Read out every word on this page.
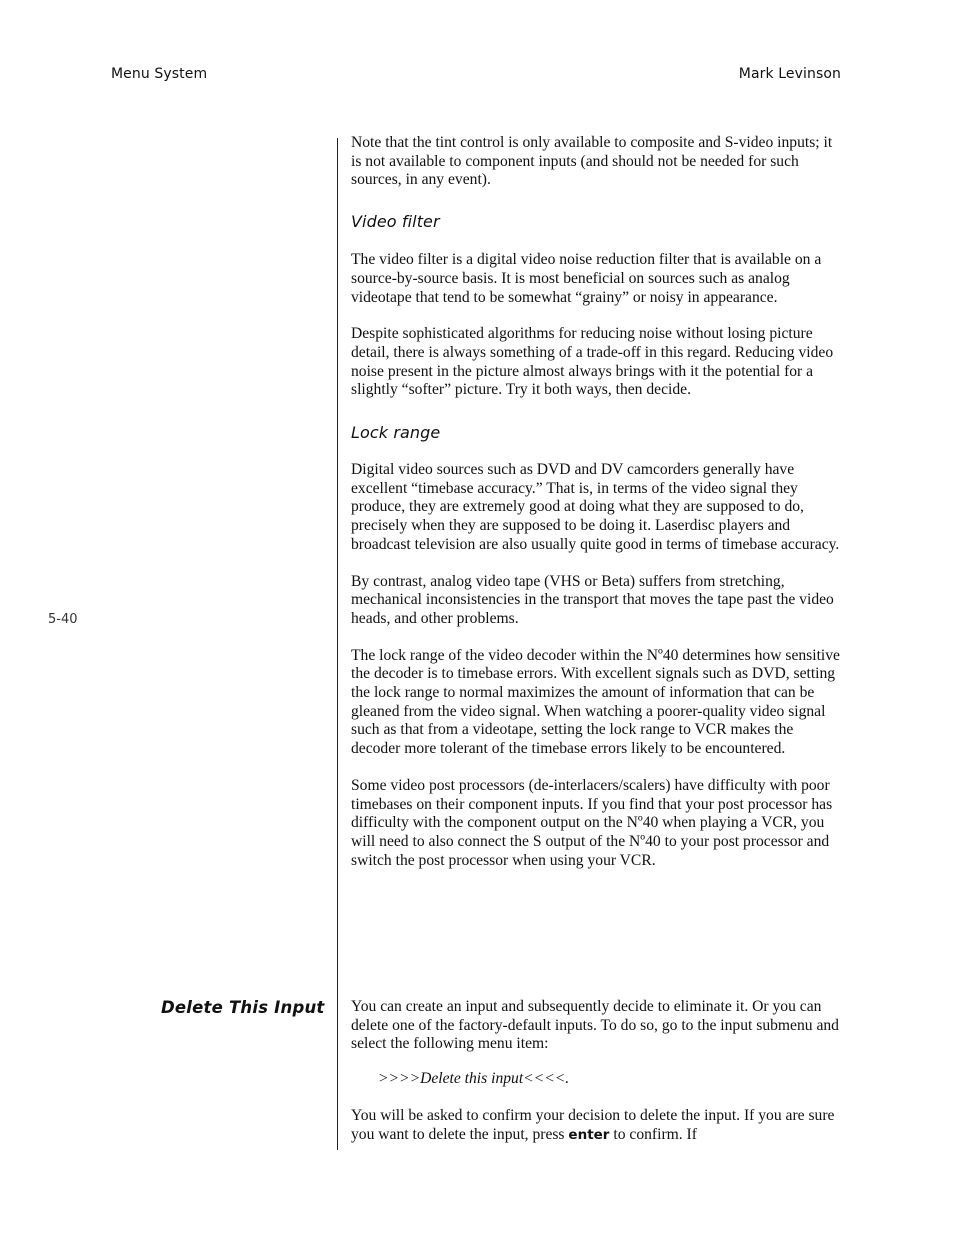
Menu System	Mark Levinson
5-40

Note that the tint control is only available to composite and S-video inputs; it is not available to component inputs (and should not be needed for such sources, in any event).

Video filter

The video filter is a digital video noise reduction filter that is available on a source-by-source basis. It is most beneficial on sources such as analog videotape that tend to be somewhat “grainy” or noisy in appearance.

Despite sophisticated algorithms for reducing noise without losing picture detail, there is always something of a trade-off in this regard. Reducing video noise present in the picture almost always brings with it the potential for a slightly “softer” picture. Try it both ways, then decide.

Lock range

Digital video sources such as DVD and DV camcorders generally have excellent “timebase accuracy.” That is, in terms of the video signal they produce, they are extremely good at doing what they are supposed to do, precisely when they are supposed to be doing it. Laserdisc players and broadcast television are also usually quite good in terms of timebase accuracy.

By contrast, analog video tape (VHS or Beta) suffers from stretching, mechanical inconsistencies in the transport that moves the tape past the video heads, and other problems.

The lock range of the video decoder within the Nº40 determines how sensitive the decoder is to timebase errors. With excellent signals such as DVD, setting the lock range to normal maximizes the amount of information that can be gleaned from the video signal. When watching a poorer-quality video signal such as that from a videotape, setting the lock range to VCR makes the decoder more tolerant of the timebase errors likely to be encountered.

Some video post processors (de-interlacers/scalers) have difficulty with poor timebases on their component inputs. If you find that your post processor has difficulty with the component output on the Nº40 when playing a VCR, you will need to also connect the S output of the Nº40 to your post processor and switch the post processor when using your VCR.

Delete This Input You can create an input and subsequently decide to eliminate it. Or you can delete one of the factory-default inputs. To do so, go to the input submenu and select the following menu item:

>>>>Delete this input<<<<.

You will be asked to confirm your decision to delete the input. If you are sure you want to delete the input, press enter to confirm. If
